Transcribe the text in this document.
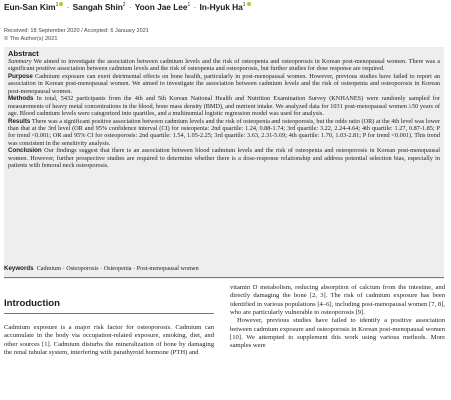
Eun-San Kim$^1$ · Sangah Shin$^2$ · Yoon Jae Lee$^1$ · In-Hyuk Ha$^1$
Received: 18 September 2020 / Accepted: 6 January 2021
© The Author(s) 2021
Abstract

Summary We aimed to investigate the association between cadmium levels and the risk of osteopenia and osteoporosis in Korean post-menopausal women. There was a significant positive association between cadmium levels and the risk of osteopenia and osteoporosis, but further studies for dose response are required.

Purpose Cadmium exposure can exert detrimental effects on bone health, particularly in post-menopausal women. However, previous studies have failed to report an association in Korean post-menopausal women. We aimed to investigate the association between cadmium levels and the risk of osteopenia and osteoporosis in Korean post-menopausal women.

Methods In total, 5432 participants from the 4th and 5th Korean National Health and Nutrition Examination Survey (KNHANES) were randomly sampled for measurements of heavy metal concentrations in the blood, bone mass density (BMD), and nutrient intake. We analyzed data for 1031 post-menopausal women ≥50 years of age. Blood cadmium levels were categorized into quartiles, and a multinomial logistic regression model was used for analysis.

Results There was a significant positive association between cadmium levels and the risk of osteopenia and osteoporosis, but the odds ratio (OR) at the 4th level was lower than that at the 3rd level (OR and 95% confidence interval (CI) for osteopenia: 2nd quartile: 1.24, 0.88-1.74; 3rd quartile: 3.22, 2.24-4.64; 4th quartile: 1.27, 0.87-1.85; P for trend <0.001; OR and 95% CI for osteoporosis: 2nd quartile: 1.54, 1.05-2.25; 3rd quartile: 3.63, 2.31-5.69; 4th quartile: 1.70, 1.03-2.81; P for trend <0.001). This trend was consistent in the sensitivity analysis.

Conclusion Our findings suggest that there is an association between blood cadmium levels and the risk of osteopenia and osteoporosis in Korean post-menopausal women. However, further prospective studies are required to determine whether there is a dose-response relationship and address potential selection bias, especially in patients with femoral neck osteoporosis.

Keywords Cadmium · Osteoporosis · Osteopenia · Post-menopausal women
Introduction

Cadmium exposure is a major risk factor for osteoporosis. Cadmium can accumulate in the body via occupation-related exposure, smoking, diet, and other sources [1]. Cadmium disturbs the mineralization of bone by damaging the renal tubular system, interfering with parathyroid hormone (PTH) and

vitamin D metabolism, reducing absorption of calcium from the intestine, and directly damaging the bone [2, 3]. The risk of cadmium exposure has been identified in various populations [4–6], including post-menopausal women [7, 8], who are particularly vulnerable to osteoporosis [9].

However, previous studies have failed to identify a positive association between cadmium exposure and osteoporosis in Korean post-menopausal women [10]. We attempted to supplement this work using various methods. More samples were
